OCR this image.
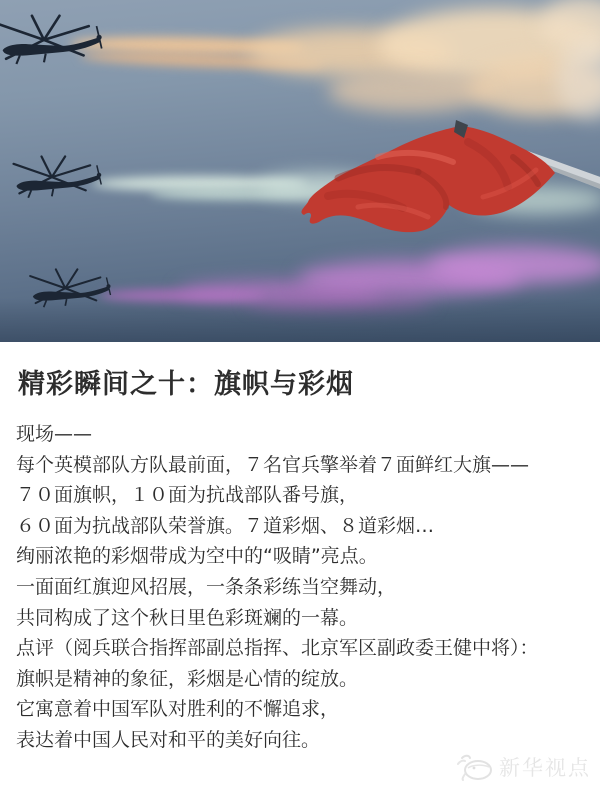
精彩瞬间之十：旗帜与彩烟
现场——
每个英模部队方队最前面，７名官兵擎举着７面鲜红大旗——
７０面旗帜，１０面为抗战部队番号旗，
６０面为抗战部队荣誉旗。７道彩烟、８道彩烟…
绚丽浓艳的彩烟带成为空中的“吸睛”亮点。
一面面红旗迎风招展，一条条彩练当空舞动，
共同构成了这个秋日里色彩斑斓的一幕。
点评（阅兵联合指挥部副总指挥、北京军区副政委王健中将）：
旗帜是精神的象征，彩烟是心情的绽放。
它寓意着中国军队对胜利的不懈追求，
表达着中国人民对和平的美好向往。
新华视点
